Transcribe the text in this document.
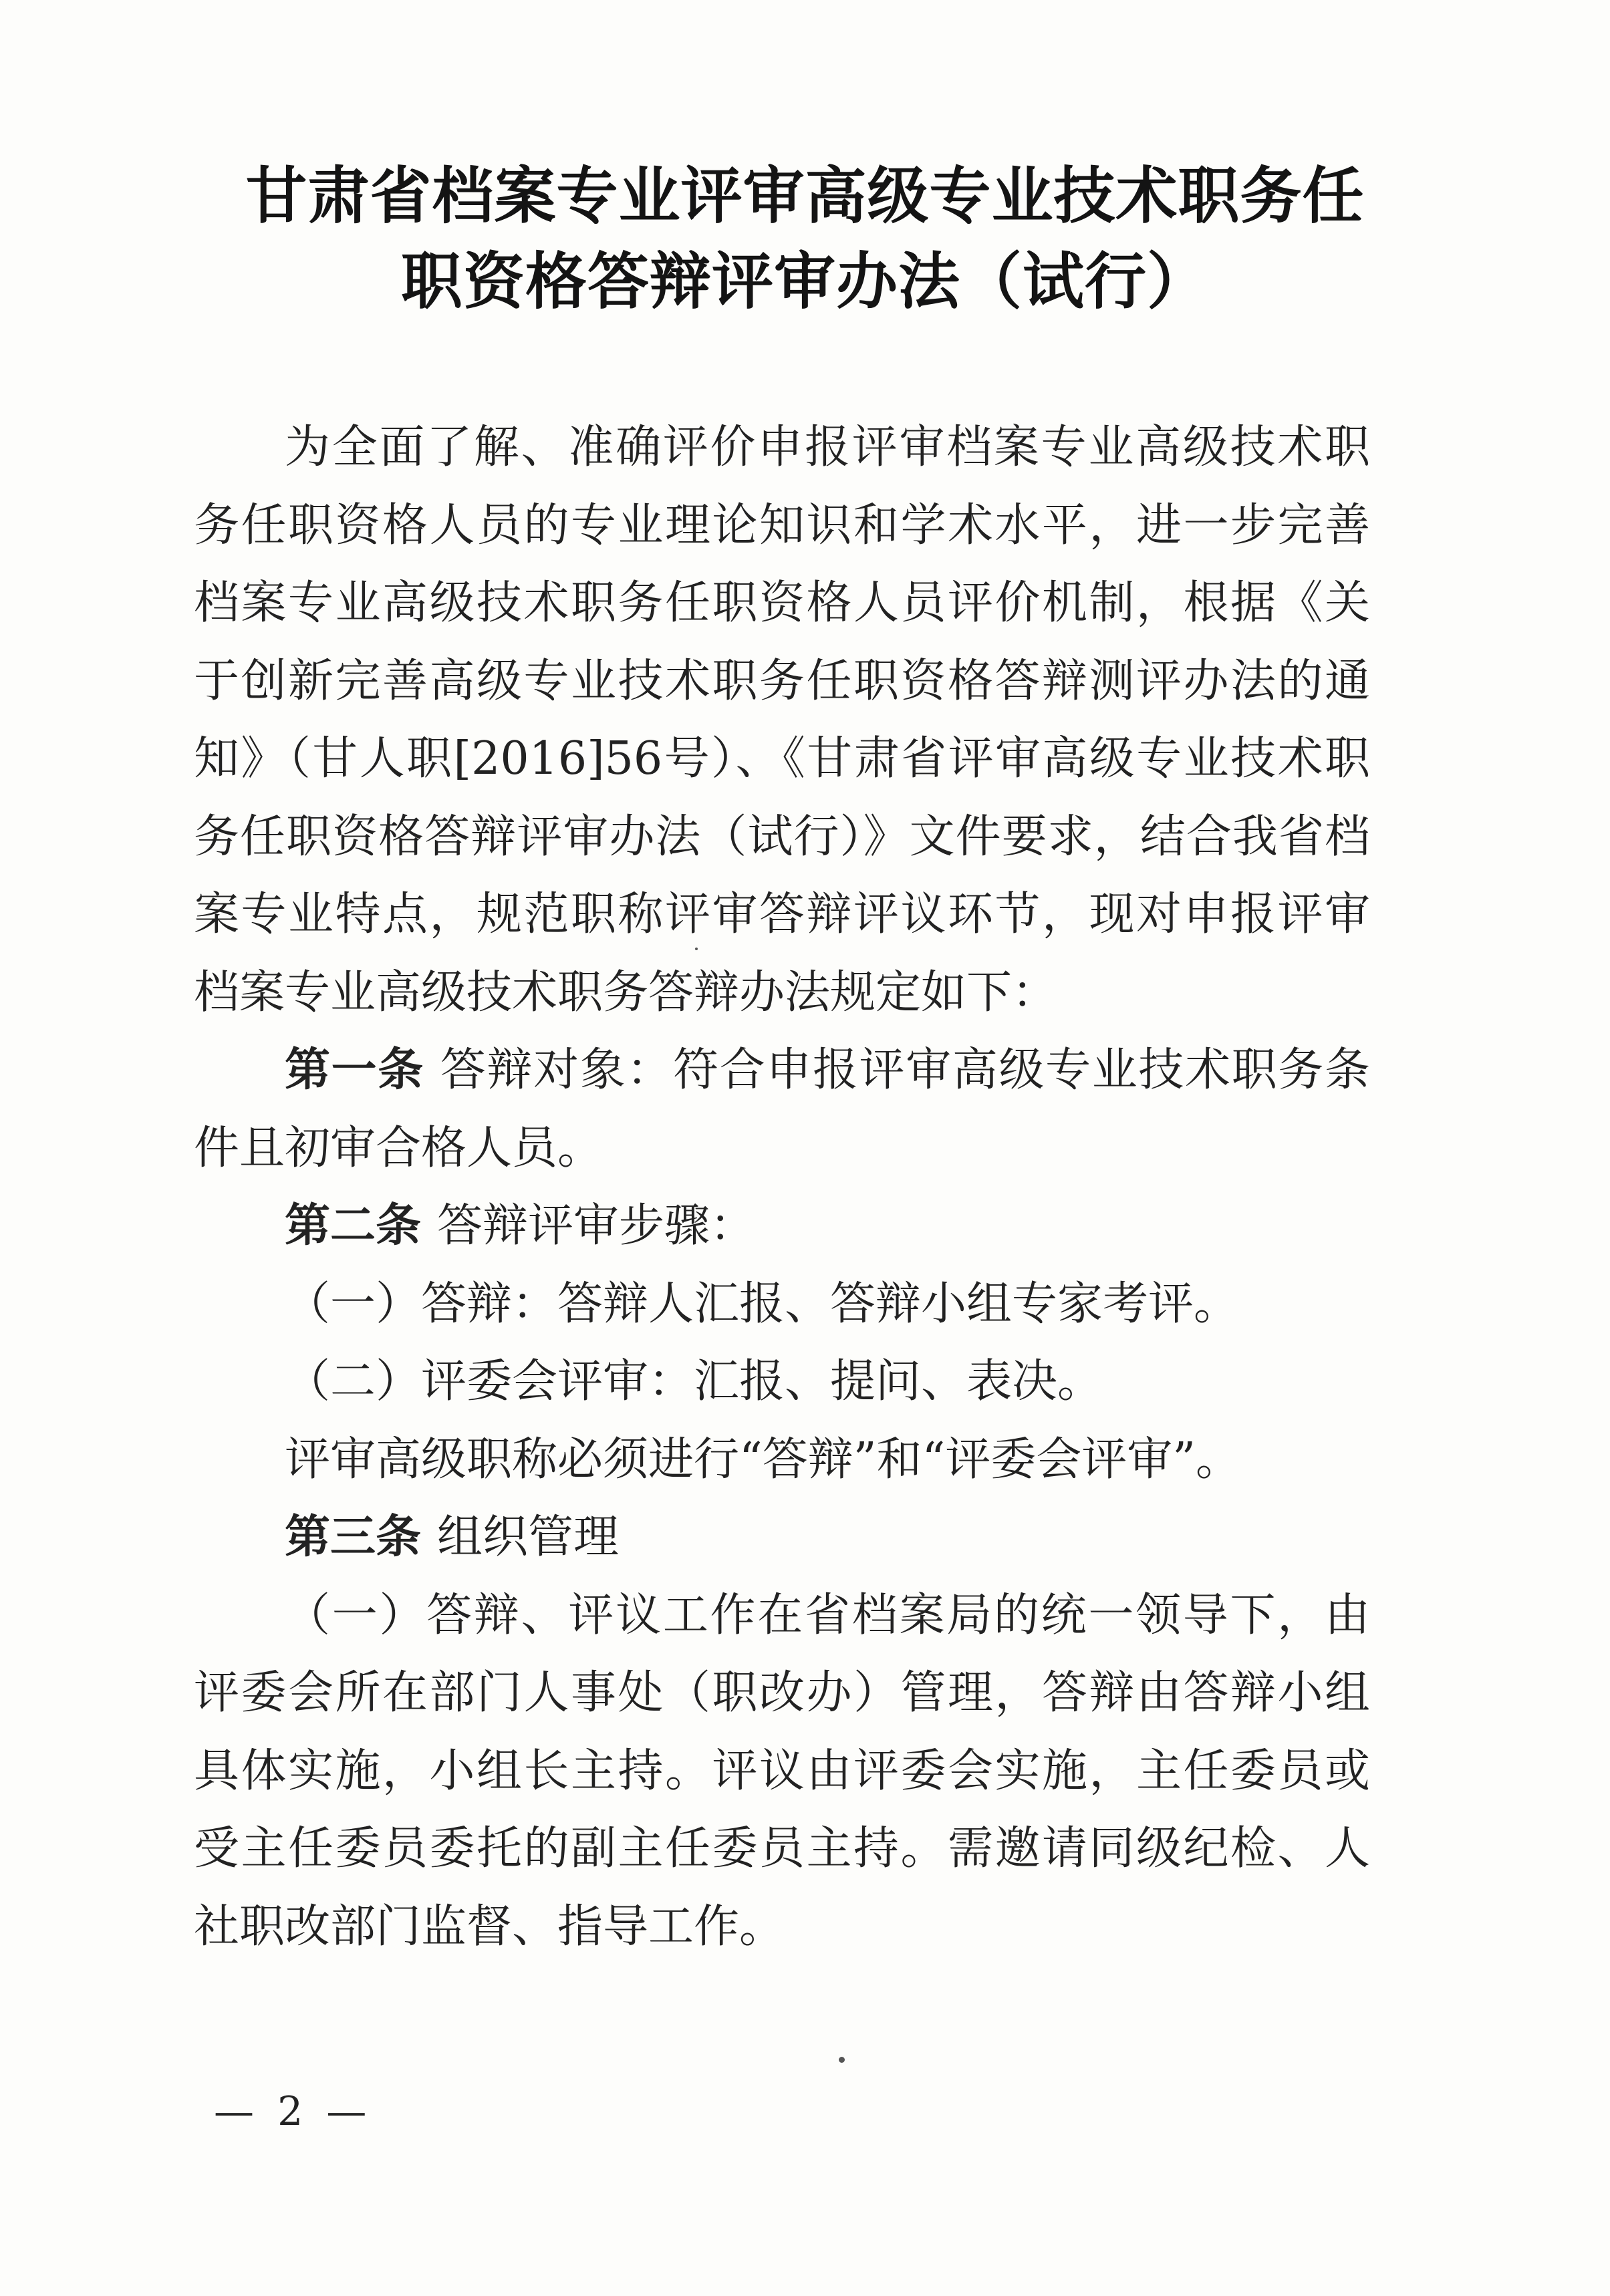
甘肃省档案专业评审高级专业技术职务任
职资格答辩评审办法（试行）

为全面了解、准确评价申报评审档案专业高级技术职务任职资格人员的专业理论知识和学术水平，进一步完善档案专业高级技术职务任职资格人员评价机制，根据《关于创新完善高级专业技术职务任职资格答辩测评办法的通知》（甘人职[2016]56号）、《甘肃省评审高级专业技术职务任职资格答辩评审办法（试行）》文件要求，结合我省档案专业特点，规范职称评审答辩评议环节，现对申报评审档案专业高级技术职务答辩办法规定如下：

第一条 答辩对象：符合申报评审高级专业技术职务条件且初审合格人员。

第二条 答辩评审步骤：

（一）答辩：答辩人汇报、答辩小组专家考评。

（二）评委会评审：汇报、提问、表决。

评审高级职称必须进行“答辩”和“评委会评审”。

第三条 组织管理

（一）答辩、评议工作在省档案局的统一领导下，由评委会所在部门人事处（职改办）管理，答辩由答辩小组具体实施，小组长主持。评议由评委会实施，主任委员或受主任委员委托的副主任委员主持。需邀请同级纪检、人社职改部门监督、指导工作。

— 2 —
